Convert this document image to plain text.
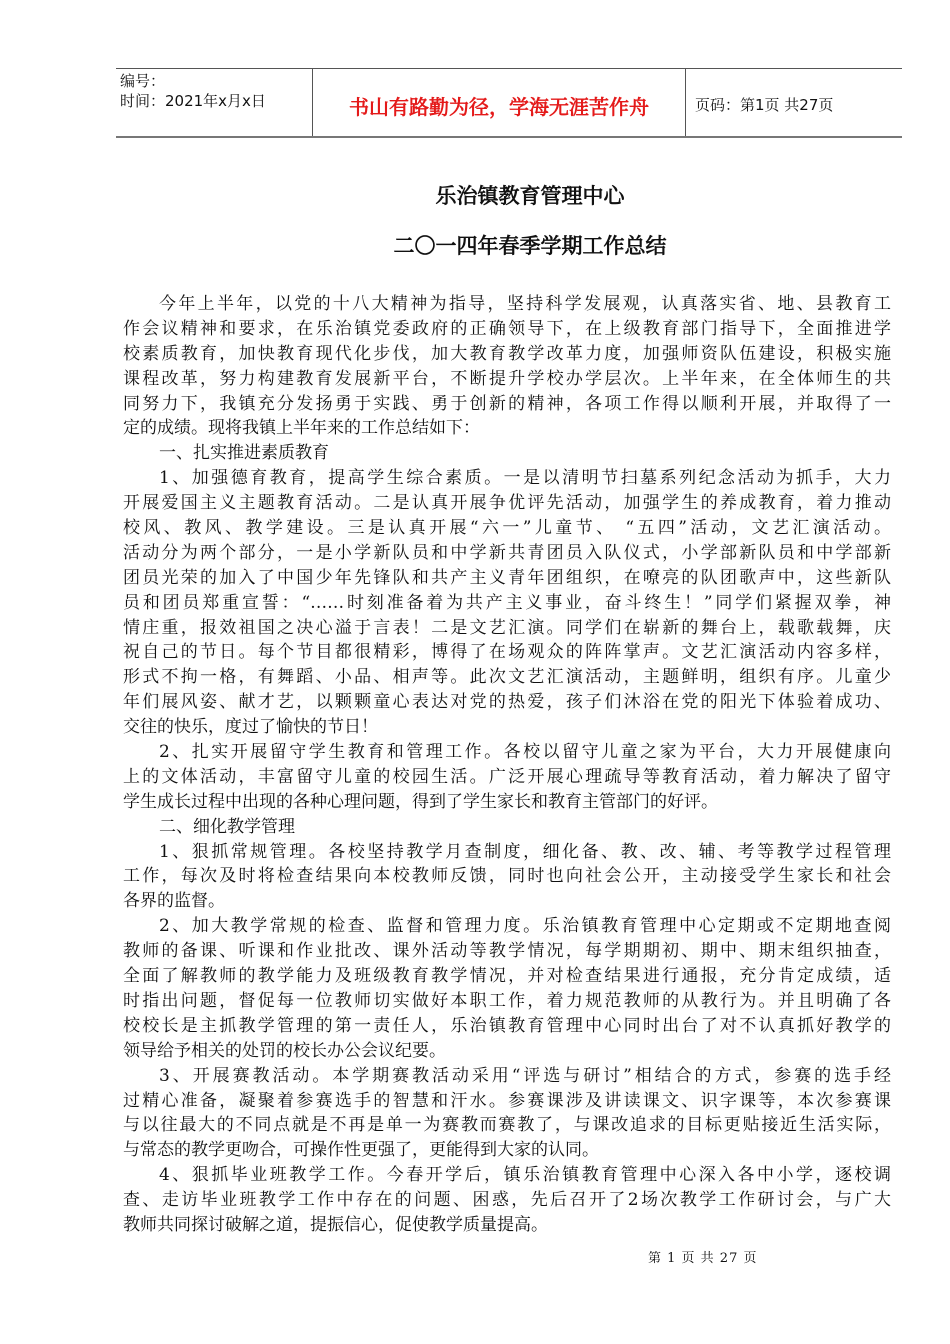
编号：
时间：2021年x月x日	书山有路勤为径，学海无涯苦作舟	页码：第1页 共27页
乐治镇教育管理中心
二〇一四年春季学期工作总结
今年上半年，以党的十八大精神为指导，坚持科学发展观，认真落实省、地、县教育工
作会议精神和要求，在乐治镇党委政府的正确领导下，在上级教育部门指导下，全面推进学
校素质教育，加快教育现代化步伐，加大教育教学改革力度，加强师资队伍建设，积极实施
课程改革，努力构建教育发展新平台，不断提升学校办学层次。上半年来，在全体师生的共
同努力下，我镇充分发扬勇于实践、勇于创新的精神，各项工作得以顺利开展，并取得了一
定的成绩。现将我镇上半年来的工作总结如下：
一、扎实推进素质教育
1、加强德育教育，提高学生综合素质。一是以清明节扫墓系列纪念活动为抓手，大力
开展爱国主义主题教育活动。二是认真开展争优评先活动，加强学生的养成教育，着力推动
校风、教风、教学建设。三是认真开展“六一”儿童节、 “五四”活动，文艺汇演活动。
活动分为两个部分，一是小学新队员和中学新共青团员入队仪式，小学部新队员和中学部新
团员光荣的加入了中国少年先锋队和共产主义青年团组织，在嘹亮的队团歌声中，这些新队
员和团员郑重宣誓：“……时刻准备着为共产主义事业，奋斗终生！”同学们紧握双拳，神
情庄重，报效祖国之决心溢于言表！二是文艺汇演。同学们在崭新的舞台上，载歌载舞，庆
祝自己的节日。每个节目都很精彩，博得了在场观众的阵阵掌声。文艺汇演活动内容多样，
形式不拘一格，有舞蹈、小品、相声等。此次文艺汇演活动，主题鲜明，组织有序。儿童少
年们展风姿、献才艺，以颗颗童心表达对党的热爱，孩子们沐浴在党的阳光下体验着成功、
交往的快乐，度过了愉快的节日！
2、扎实开展留守学生教育和管理工作。各校以留守儿童之家为平台，大力开展健康向
上的文体活动，丰富留守儿童的校园生活。广泛开展心理疏导等教育活动，着力解决了留守
学生成长过程中出现的各种心理问题，得到了学生家长和教育主管部门的好评。
二、细化教学管理
1、狠抓常规管理。各校坚持教学月查制度，细化备、教、改、辅、考等教学过程管理
工作，每次及时将检查结果向本校教师反馈，同时也向社会公开，主动接受学生家长和社会
各界的监督。
2、加大教学常规的检查、监督和管理力度。乐治镇教育管理中心定期或不定期地查阅
教师的备课、听课和作业批改、课外活动等教学情况，每学期期初、期中、期末组织抽查，
全面了解教师的教学能力及班级教育教学情况，并对检查结果进行通报，充分肯定成绩，适
时指出问题，督促每一位教师切实做好本职工作，着力规范教师的从教行为。并且明确了各
校校长是主抓教学管理的第一责任人，乐治镇教育管理中心同时出台了对不认真抓好教学的
领导给予相关的处罚的校长办公会议纪要。
3、开展赛教活动。本学期赛教活动采用“评选与研讨”相结合的方式，参赛的选手经
过精心准备，凝聚着参赛选手的智慧和汗水。参赛课涉及讲读课文、识字课等，本次参赛课
与以往最大的不同点就是不再是单一为赛教而赛教了，与课改追求的目标更贴接近生活实际，
与常态的教学更吻合，可操作性更强了，更能得到大家的认同。
4、狠抓毕业班教学工作。今春开学后，镇乐治镇教育管理中心深入各中小学，逐校调
查、走访毕业班教学工作中存在的问题、困惑，先后召开了2场次教学工作研讨会，与广大
教师共同探讨破解之道，提振信心，促使教学质量提高。
第 1 页 共 27 页
